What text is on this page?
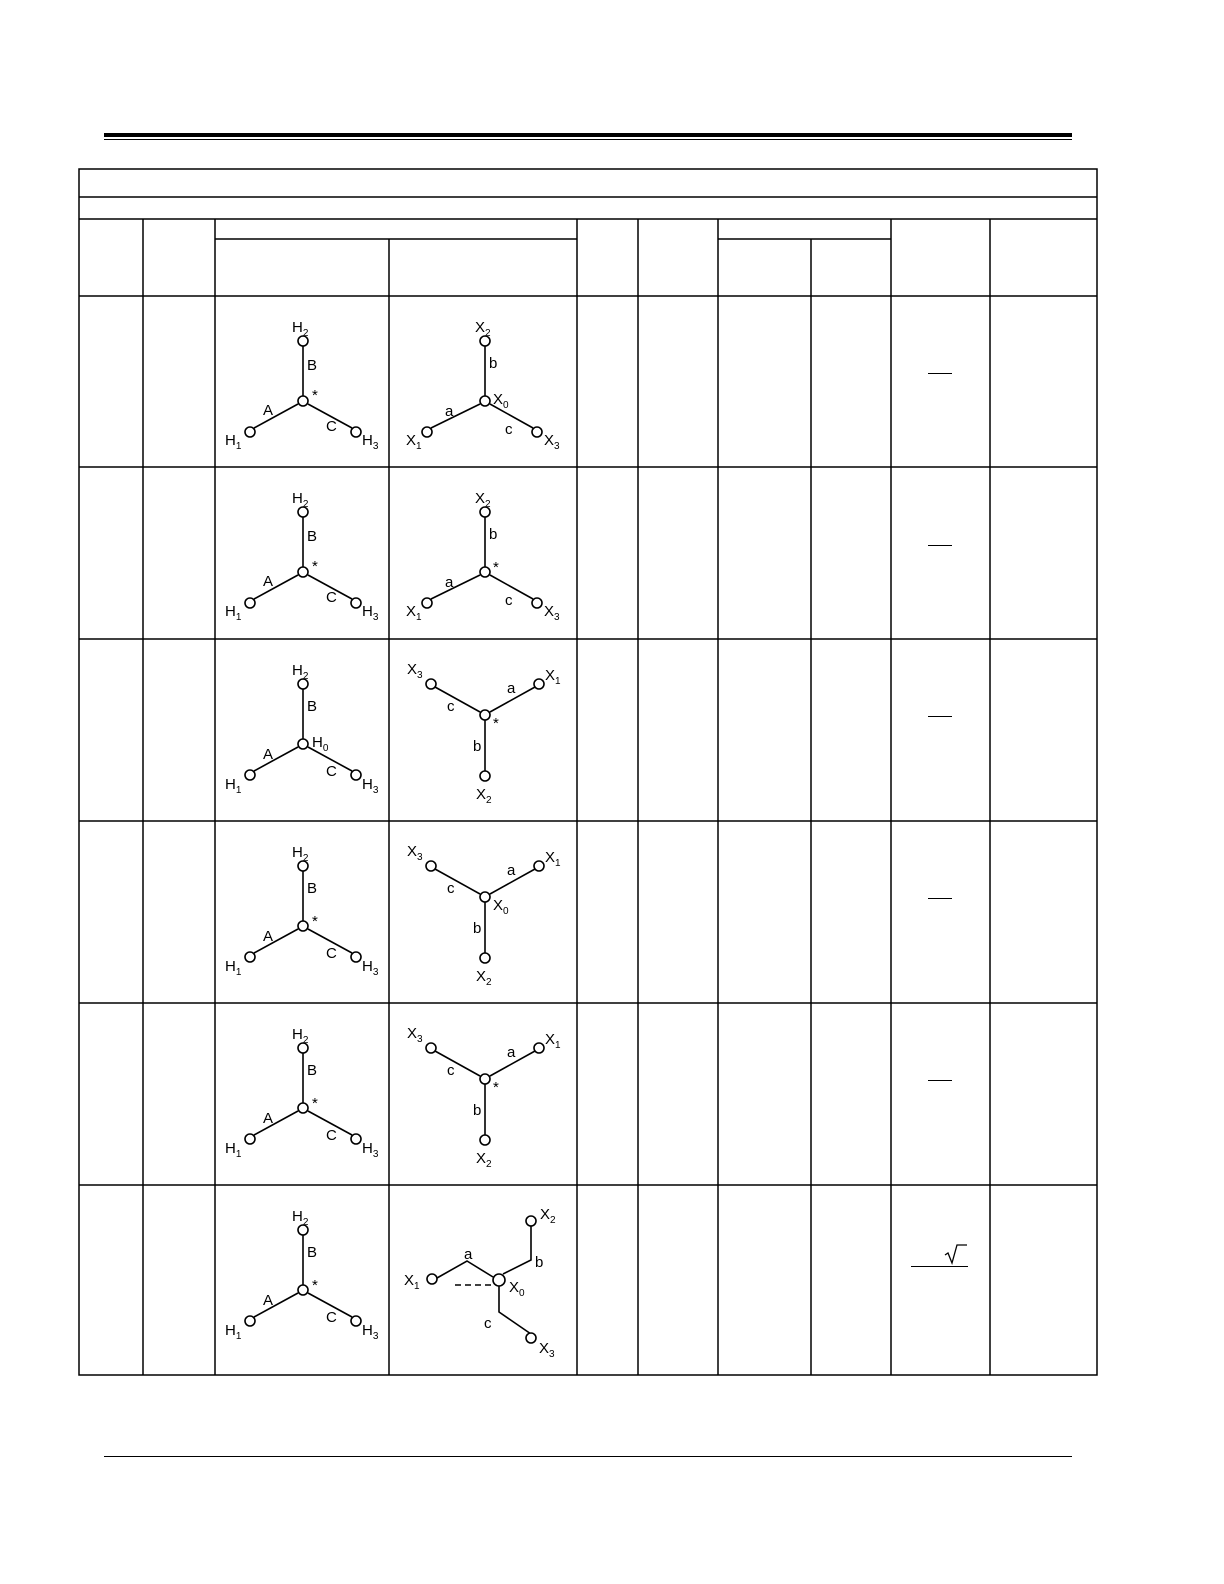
$H_2$
B
A
C
*
$H_1$	$H_3$
$X_2$
b
a
c
$X_0$
$X_1$	$X_3$
$H_2$
B
A
C
*
$H_1$	$H_3$
$X_2$
b
a
c
*
$X_1$	$X_3$
$H_2$
B
A
C
$H_0$
$H_1$	$H_3$
$X_3$	$X_1$
c
a
b
*
$X_2$
$H_2$
B
A
C
*
$H_1$	$H_3$
$X_3$	$X_1$
c
a
b
$X_0$
$X_2$
$H_2$
B
A
C
*
$H_1$	$H_3$
$X_3$	$X_1$
c
a
b
*
$X_2$
$H_2$
B
A
C
*
$H_1$	$H_3$
$X_2$
b
a
c
$X_0$
$X_1$
$X_3$
